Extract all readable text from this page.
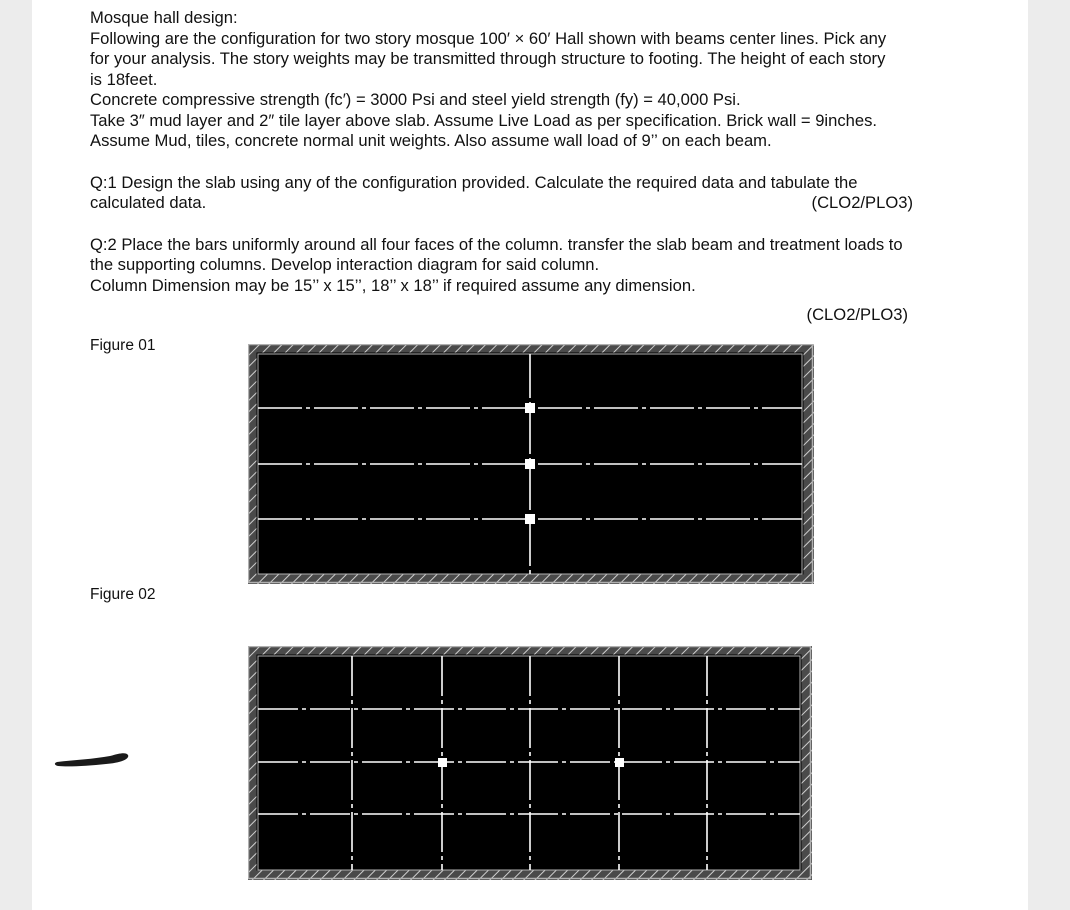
Mosque hall design:

Following are the configuration for two story mosque 100′ × 60′ Hall shown with beams center lines. Pick any

for your analysis. The story weights may be transmitted through structure to footing. The height of each story

is 18feet.

Concrete compressive strength (fc′) = 3000 Psi and steel yield strength (fy) = 40,000 Psi.

Take 3″ mud layer and 2″ tile layer above slab. Assume Live Load as per specification. Brick wall = 9inches.

Assume Mud, tiles, concrete normal unit weights. Also assume wall load of 9’’ on each beam.

Q:1 Design the slab using any of the configuration provided. Calculate the required data and tabulate the

calculated data.	(CLO2/PLO3)

Q:2 Place the bars uniformly around all four faces of the column. transfer the slab beam and treatment loads to

the supporting columns. Develop interaction diagram for said column.

Column Dimension may be 15’’ x 15’’, 18’’ x 18’’ if required assume any dimension.

(CLO2/PLO3)

Figure 01
Figure 02
